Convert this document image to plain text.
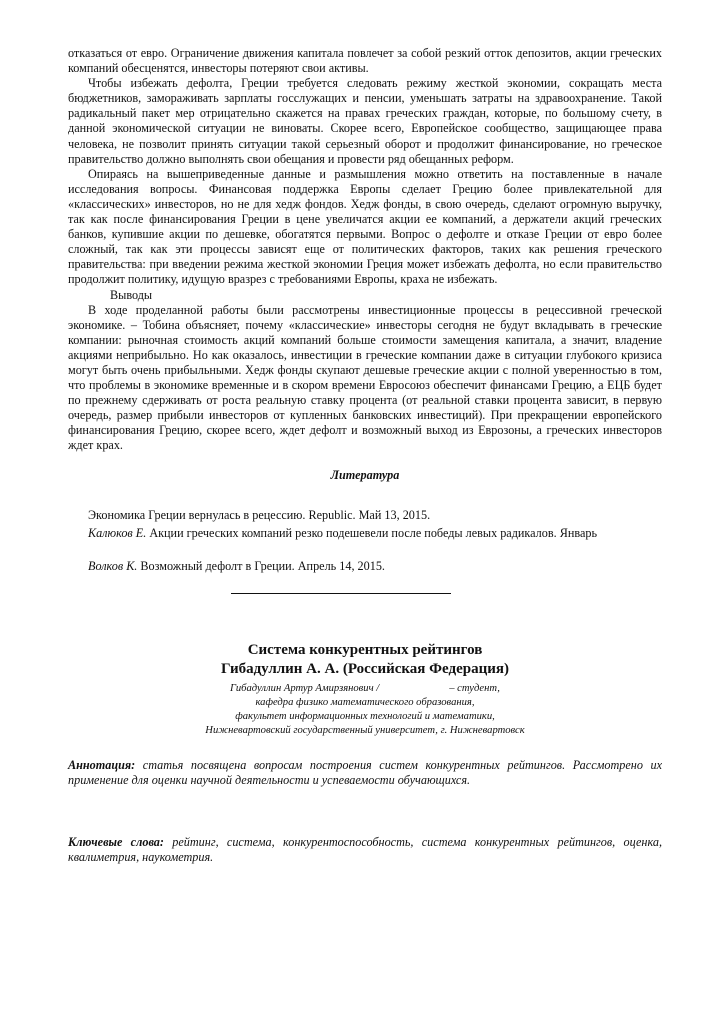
отказаться от евро. Ограничение движения капитала повлечет за собой резкий отток депозитов, акции греческих компаний обесценятся, инвесторы потеряют свои активы.

Чтобы избежать дефолта, Греции требуется следовать режиму жесткой экономии, сокращать места бюджетников, замораживать зарплаты госслужащих и пенсии, уменьшать затраты на здравоохранение. Такой радикальный пакет мер отрицательно скажется на правах греческих граждан, которые, по большому счету, в данной экономической ситуации не виноваты. Скорее всего, Европейское сообщество, защищающее права человека, не позволит принять ситуации такой серьезный оборот и продолжит финансирование, но греческое правительство должно выполнять свои обещания и провести ряд обещанных реформ.

Опираясь на вышеприведенные данные и размышления можно ответить на поставленные в начале исследования вопросы. Финансовая поддержка Европы сделает Грецию более привлекательной для «классических» инвесторов, но не для хедж фондов. Хедж фонды, в свою очередь, сделают огромную выручку, так как после финансирования Греции в цене увеличатся акции ее компаний, а держатели акций греческих банков, купившие акции по дешевке, обогатятся первыми. Вопрос о дефолте и отказе Греции от евро более сложный, так как эти процессы зависят еще от политических факторов, таких как решения греческого правительства: при введении режима жесткой экономии Греция может избежать дефолта, но если правительство продолжит политику, идущую вразрез с требованиями Европы, краха не избежать.

Выводы

В ходе проделанной работы были рассмотрены инвестиционные процессы в рецессивной греческой экономике. – Тобина объясняет, почему «классические» инвесторы сегодня не будут вкладывать в греческие компании: рыночная стоимость акций компаний больше стоимости замещения капитала, а значит, владение акциями неприбыльно. Но как оказалось, инвестиции в греческие компании даже в ситуации глубокого кризиса могут быть очень прибыльными. Хедж фонды скупают дешевые греческие акции с полной уверенностью в том, что проблемы в экономике временные и в скором времени Евросоюз обеспечит финансами Грецию, а ЕЦБ будет по прежнему сдерживать от роста реальную ставку процента (от реальной ставки процента зависит, в первую очередь, размер прибыли инвесторов от купленных банковских инвестиций). При прекращении европейского финансирования Грецию, скорее всего, ждет дефолт и возможный выход из Еврозоны, а греческих инвесторов ждет крах.

Литература

Экономика Греции вернулась в рецессию. Republic. Май 13, 2015.

Калюков Е. Акции греческих компаний резко подешевели после победы левых радикалов. Январь

Волков К. Возможный дефолт в Греции. Апрель 14, 2015.

Система конкурентных рейтингов
Гибадуллин А. А. (Российская Федерация)
Гибадуллин Артур Амирзянович /	– студент,
кафедра физико математического образования,
факультет информационных технологий и математики,
Нижневартовский государственный университет, г. Нижневартовск

Аннотация: статья посвящена вопросам построения систем конкурентных рейтингов. Рассмотрено их применение для оценки научной деятельности и успеваемости обучающихся.

Ключевые слова: рейтинг, система, конкурентоспособность, система конкурентных рейтингов, оценка, квалиметрия, наукометрия.
